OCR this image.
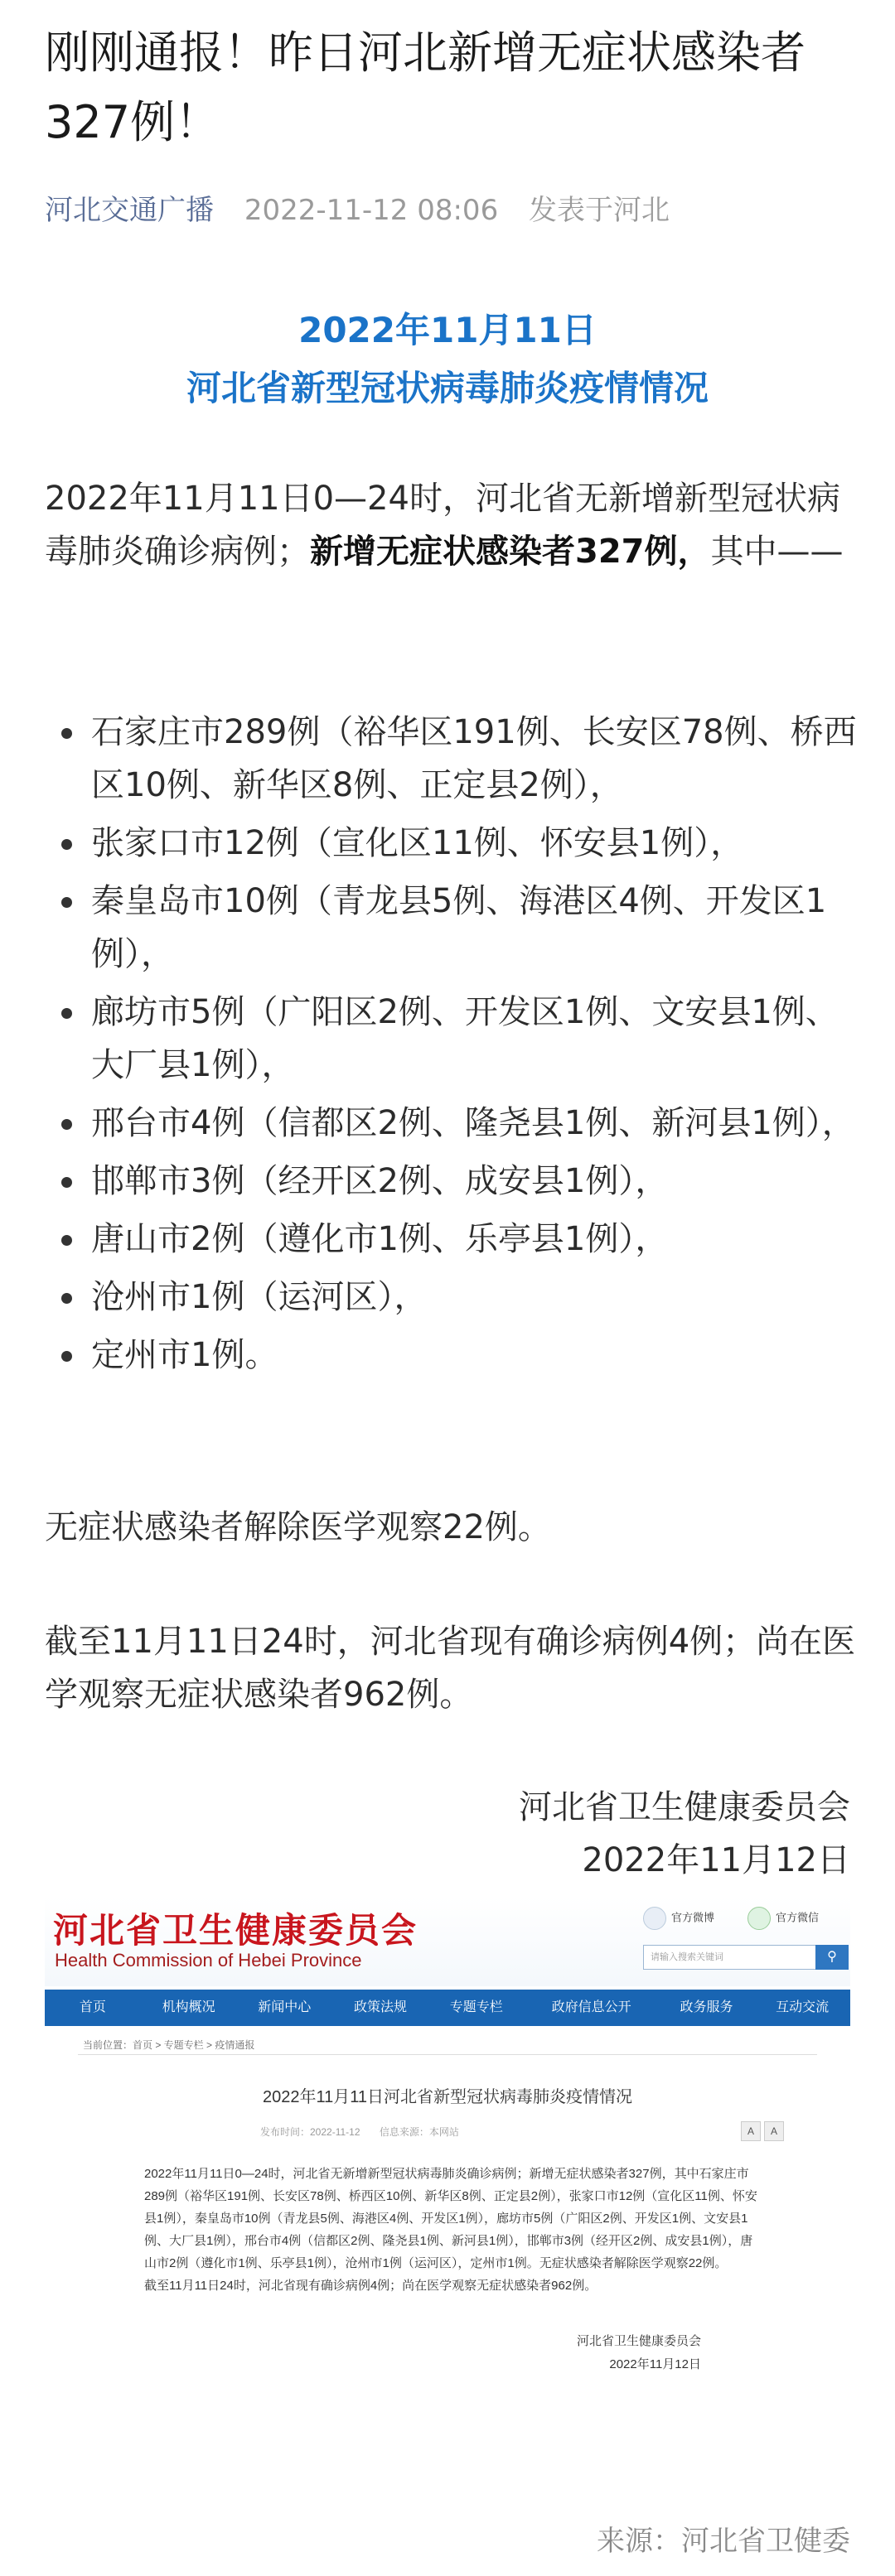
刚刚通报！昨日河北新增无症状感染者327例！
河北交通广播 2022-11-12 08:06 发表于河北
2022年11月11日
河北省新型冠状病毒肺炎疫情情况

2022年11月11日0—24时，河北省无新增新型冠状病毒肺炎确诊病例；新增无症状感染者327例，其中——

石家庄市289例（裕华区191例、长安区78例、桥西区10例、新华区8例、正定县2例），
张家口市12例（宣化区11例、怀安县1例），
秦皇岛市10例（青龙县5例、海港区4例、开发区1例），
廊坊市5例（广阳区2例、开发区1例、文安县1例、大厂县1例），
邢台市4例（信都区2例、隆尧县1例、新河县1例），
邯郸市3例（经开区2例、成安县1例），
唐山市2例（遵化市1例、乐亭县1例），
沧州市1例（运河区），
定州市1例。

无症状感染者解除医学观察22例。

截至11月11日24时，河北省现有确诊病例4例；尚在医学观察无症状感染者962例。

河北省卫生健康委员会
2022年11月12日
河北省卫生健康委员会
Health Commission of Hebei Province
官方微博	官方微信
请输入搜索关键词	⚲
首页	机构概况	新闻中心	政策法规	专题专栏	政府信息公开	政务服务	互动交流
当前位置：首页 > 专题专栏 > 疫情通报
2022年11月11日河北省新型冠状病毒肺炎疫情情况
发布时间：2022-11-12 信息来源：本网站	A	A

2022年11月11日0—24时，河北省无新增新型冠状病毒肺炎确诊病例；新增无症状感染者327例，其中石家庄市289例（裕华区191例、长安区78例、桥西区10例、新华区8例、正定县2例），张家口市12例（宣化区11例、怀安县1例），秦皇岛市10例（青龙县5例、海港区4例、开发区1例），廊坊市5例（广阳区2例、开发区1例、文安县1例、大厂县1例），邢台市4例（信都区2例、隆尧县1例、新河县1例），邯郸市3例（经开区2例、成安县1例），唐山市2例（遵化市1例、乐亭县1例），沧州市1例（运河区），定州市1例。无症状感染者解除医学观察22例。
截至11月11日24时，河北省现有确诊病例4例；尚在医学观察无症状感染者962例。

河北省卫生健康委员会
2022年11月12日
来源：河北省卫健委
